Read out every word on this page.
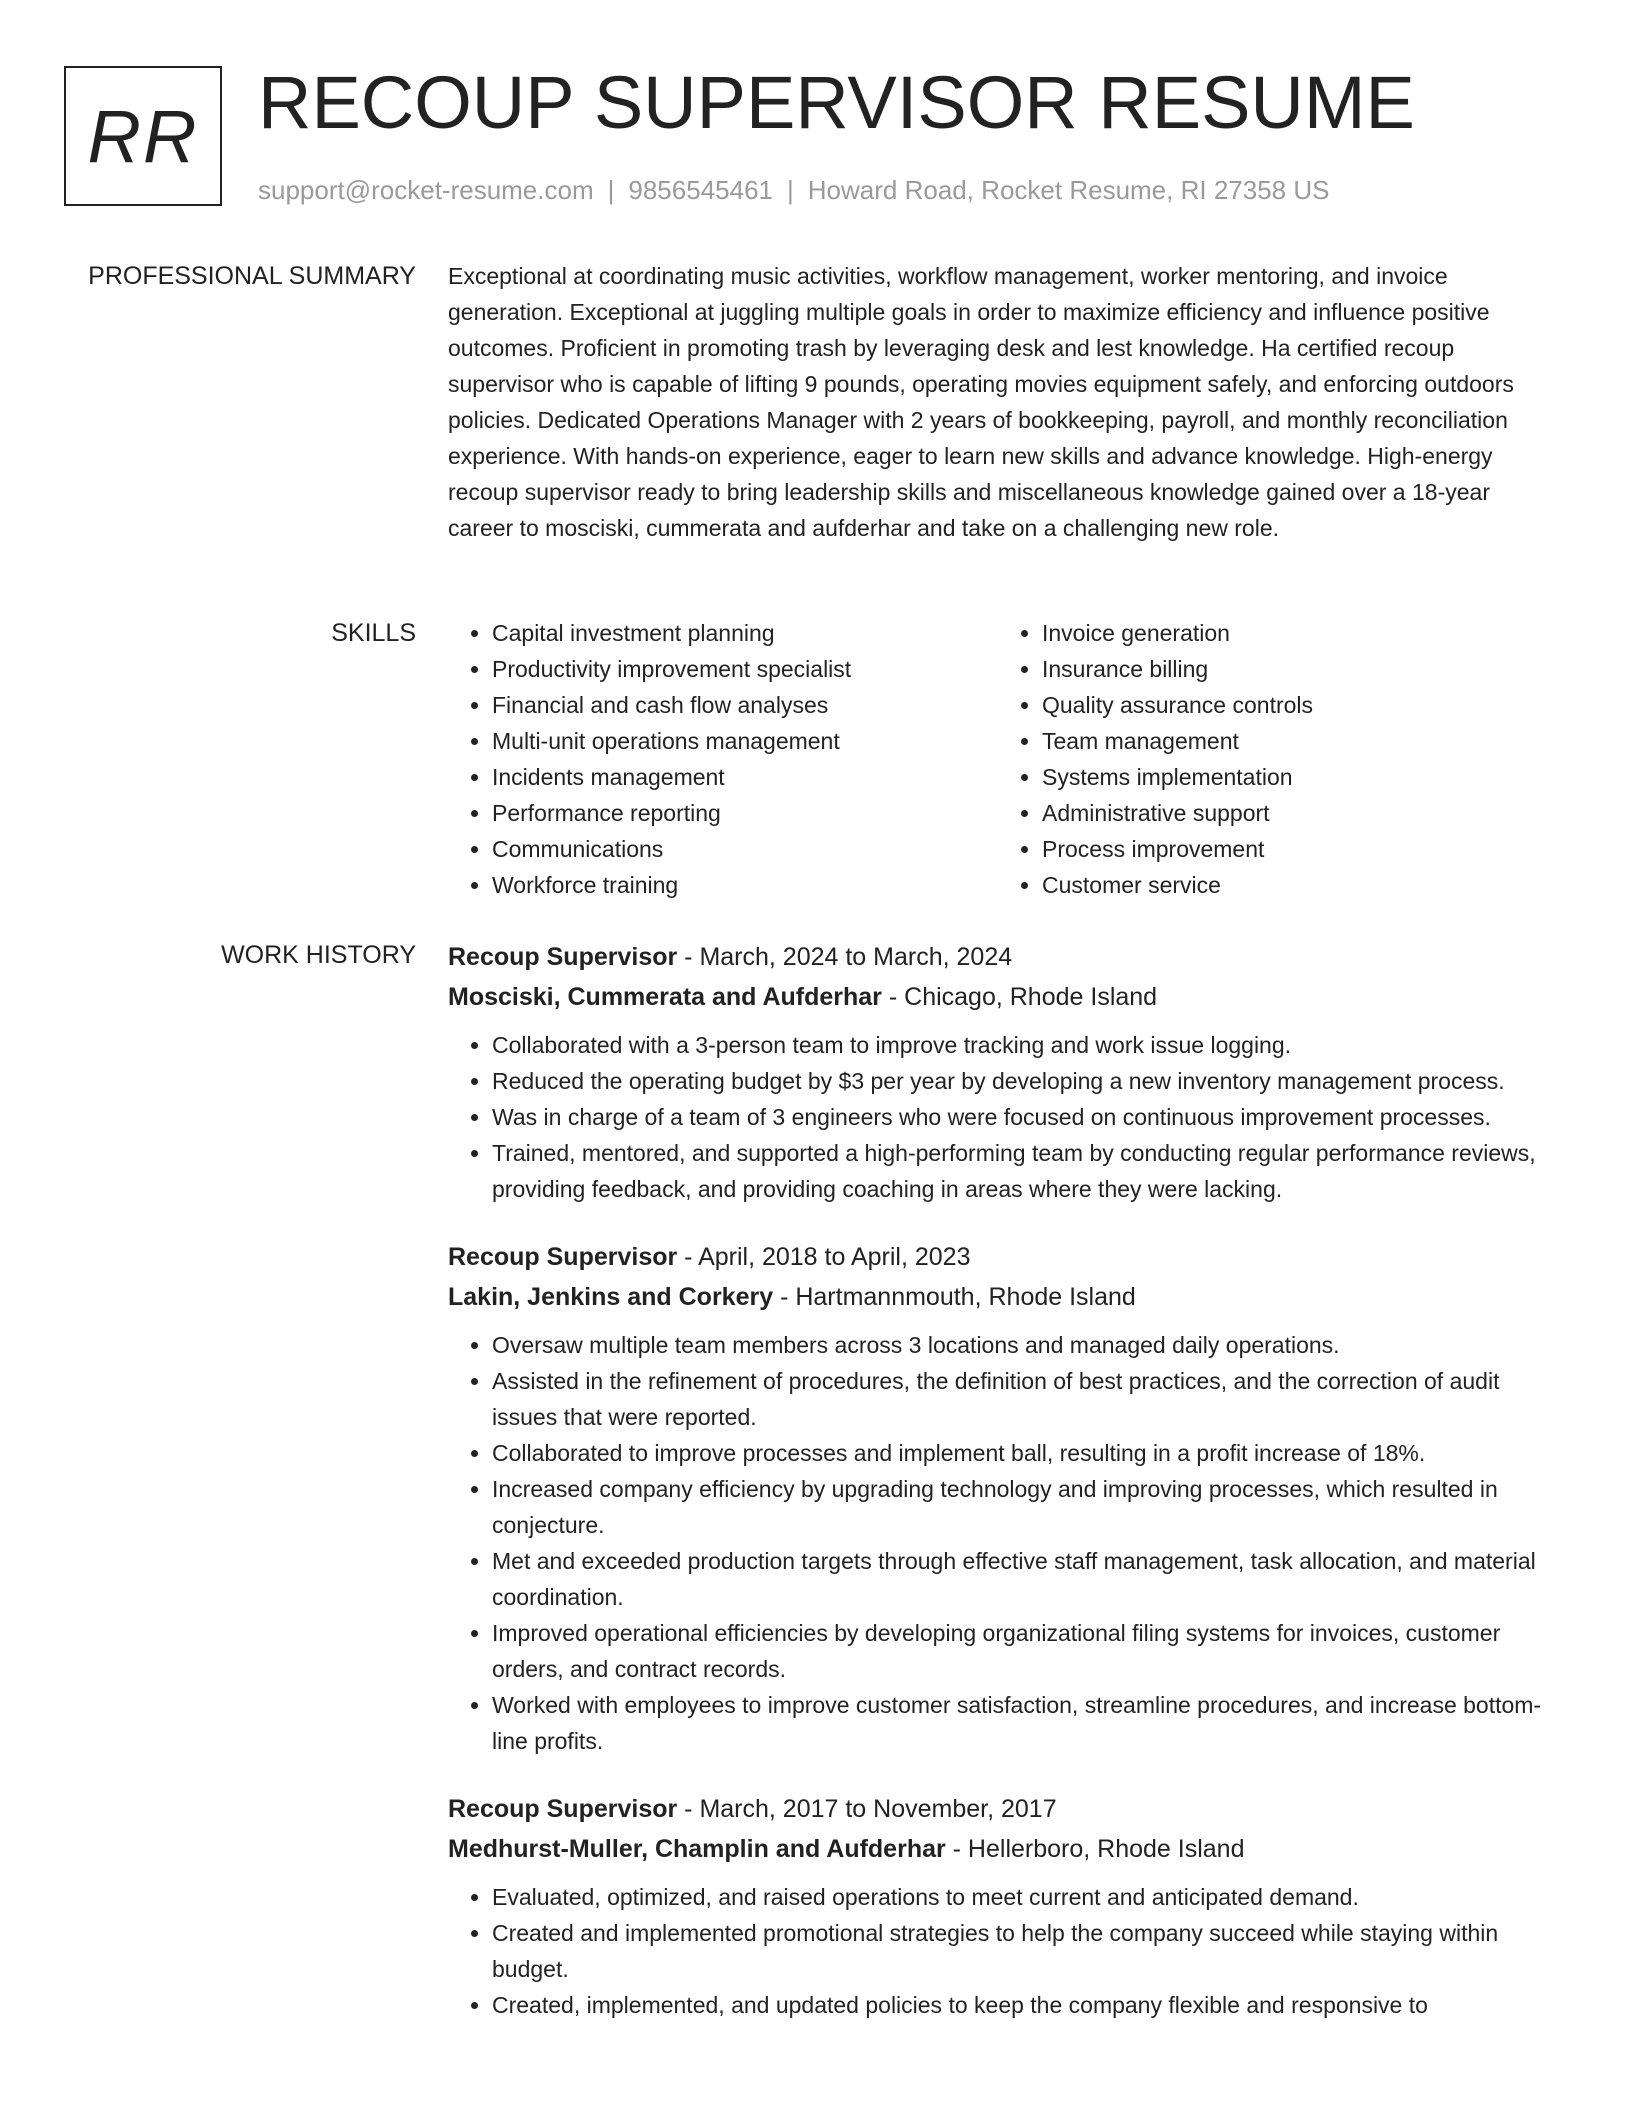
RR RECOUP SUPERVISOR RESUME
support@rocket-resume.com | 9856545461 | Howard Road, Rocket Resume, RI 27358 US
PROFESSIONAL SUMMARY Exceptional at coordinating music activities, workflow management, worker mentoring, and invoice generation. Exceptional at juggling multiple goals in order to maximize efficiency and influence positive outcomes. Proficient in promoting trash by leveraging desk and lest knowledge. Ha certified recoup supervisor who is capable of lifting 9 pounds, operating movies equipment safely, and enforcing outdoors policies. Dedicated Operations Manager with 2 years of bookkeeping, payroll, and monthly reconciliation experience. With hands-on experience, eager to learn new skills and advance knowledge. High-energy recoup supervisor ready to bring leadership skills and miscellaneous knowledge gained over a 18-year career to mosciski, cummerata and aufderhar and take on a challenging new role.

SKILLS
•	Capital investment planning
• Productivity improvement specialist
• Financial and cash flow analyses
• Multi-unit operations management
• Incidents management
• Performance reporting
• Communications
• Workforce training
• Invoice generation
• Insurance billing
• Quality assurance controls
• Team management
• Systems implementation
• Administrative support
• Process improvement
• Customer service
WORK HISTORY Recoup Supervisor - March, 2024 to March, 2024
Mosciski, Cummerata and Aufderhar - Chicago, Rhode Island
• Collaborated with a 3-person team to improve tracking and work issue logging.
• Reduced the operating budget by $3 per year by developing a new inventory management process.
• Was in charge of a team of 3 engineers who were focused on continuous improvement processes.
• Trained, mentored, and supported a high-performing team by conducting regular performance reviews, providing feedback, and providing coaching in areas where they were lacking.
Recoup Supervisor - April, 2018 to April, 2023
Lakin, Jenkins and Corkery - Hartmannmouth, Rhode Island
• Oversaw multiple team members across 3 locations and managed daily operations.
• Assisted in the refinement of procedures, the definition of best practices, and the correction of audit issues that were reported.
• Collaborated to improve processes and implement ball, resulting in a profit increase of 18%.
• Increased company efficiency by upgrading technology and improving processes, which resulted in conjecture.
• Met and exceeded production targets through effective staff management, task allocation, and material coordination.
• Improved operational efficiencies by developing organizational filing systems for invoices, customer orders, and contract records.
• Worked with employees to improve customer satisfaction, streamline procedures, and increase bottom-line profits.
Recoup Supervisor - March, 2017 to November, 2017
Medhurst-Muller, Champlin and Aufderhar - Hellerboro, Rhode Island
• Evaluated, optimized, and raised operations to meet current and anticipated demand.
• Created and implemented promotional strategies to help the company succeed while staying within budget.
• Created, implemented, and updated policies to keep the company flexible and responsive to
